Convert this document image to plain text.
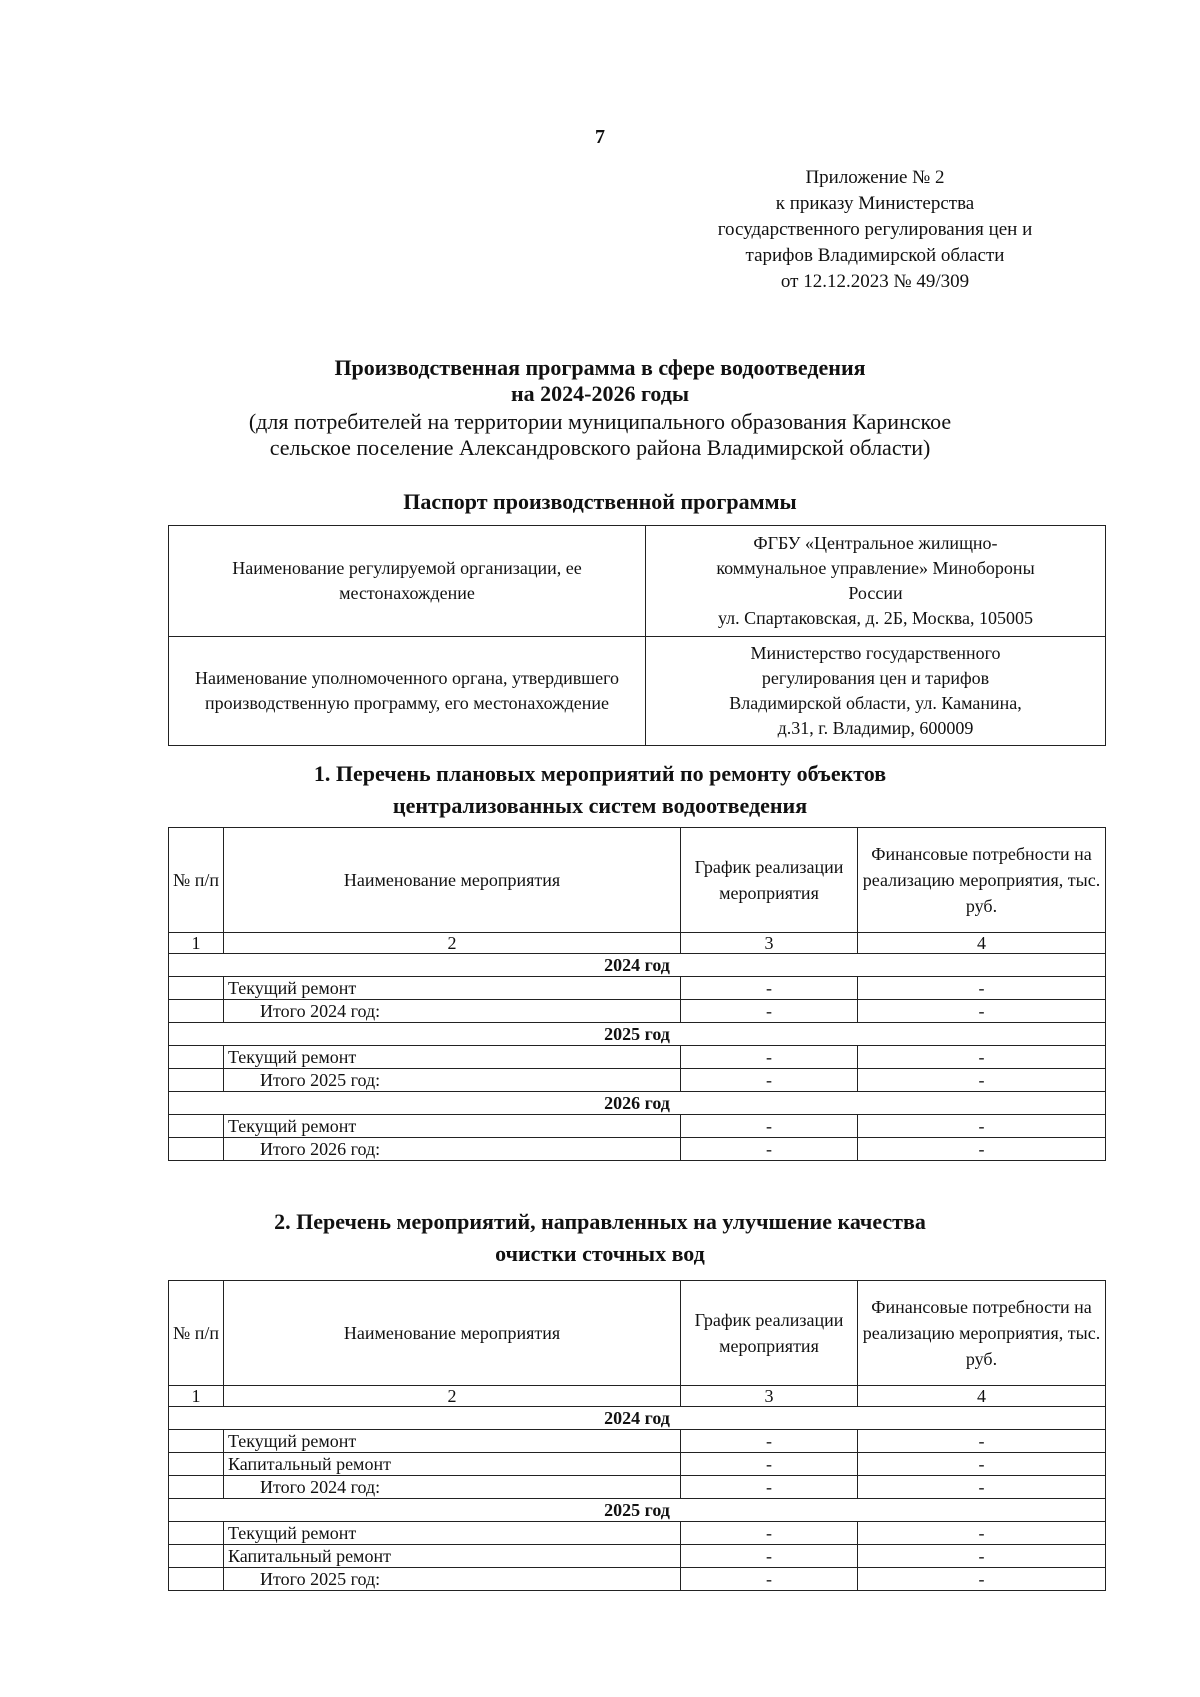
7
Приложение № 2
к приказу Министерства
государственного регулирования цен и
тарифов Владимирской области
от 12.12.2023 № 49/309
Производственная программа в сфере водоотведения
на 2024-2026 годы
(для потребителей на территории муниципального образования Каринское
сельское поселение Александровского района Владимирской области)
Паспорт производственной программы
Наименование регулируемой организации, ее местонахождение	ФГБУ «Центральное жилищно-
коммунальное управление» Минобороны
России
ул. Спартаковская, д. 2Б, Москва, 105005

Наименование уполномоченного органа, утвердившего производственную программу, его местонахождение	Министерство государственного
регулирования цен и тарифов
Владимирской области, ул. Каманина,
д.31, г. Владимир, 600009
1. Перечень плановых мероприятий по ремонту объектов
централизованных систем водоотведения
№ п/п	Наименование мероприятия	График реализации мероприятия	Финансовые потребности на реализацию мероприятия, тыс. руб.
1	2	3	4
2024 год			
	Текущий ремонт	-	-
	Итого 2024 год:	-	-
2025 год			
	Текущий ремонт	-	-
	Итого 2025 год:	-	-
2026 год			
	Текущий ремонт	-	-
	Итого 2026 год:	-	-
2. Перечень мероприятий, направленных на улучшение качества
очистки сточных вод
№ п/п	Наименование мероприятия	График реализации мероприятия	Финансовые потребности на реализацию мероприятия, тыс. руб.
1	2	3	4
2024 год			
	Текущий ремонт	-	-
	Капитальный ремонт	-	-
	Итого 2024 год:	-	-
2025 год			
	Текущий ремонт	-	-
	Капитальный ремонт	-	-
	Итого 2025 год:	-	-
